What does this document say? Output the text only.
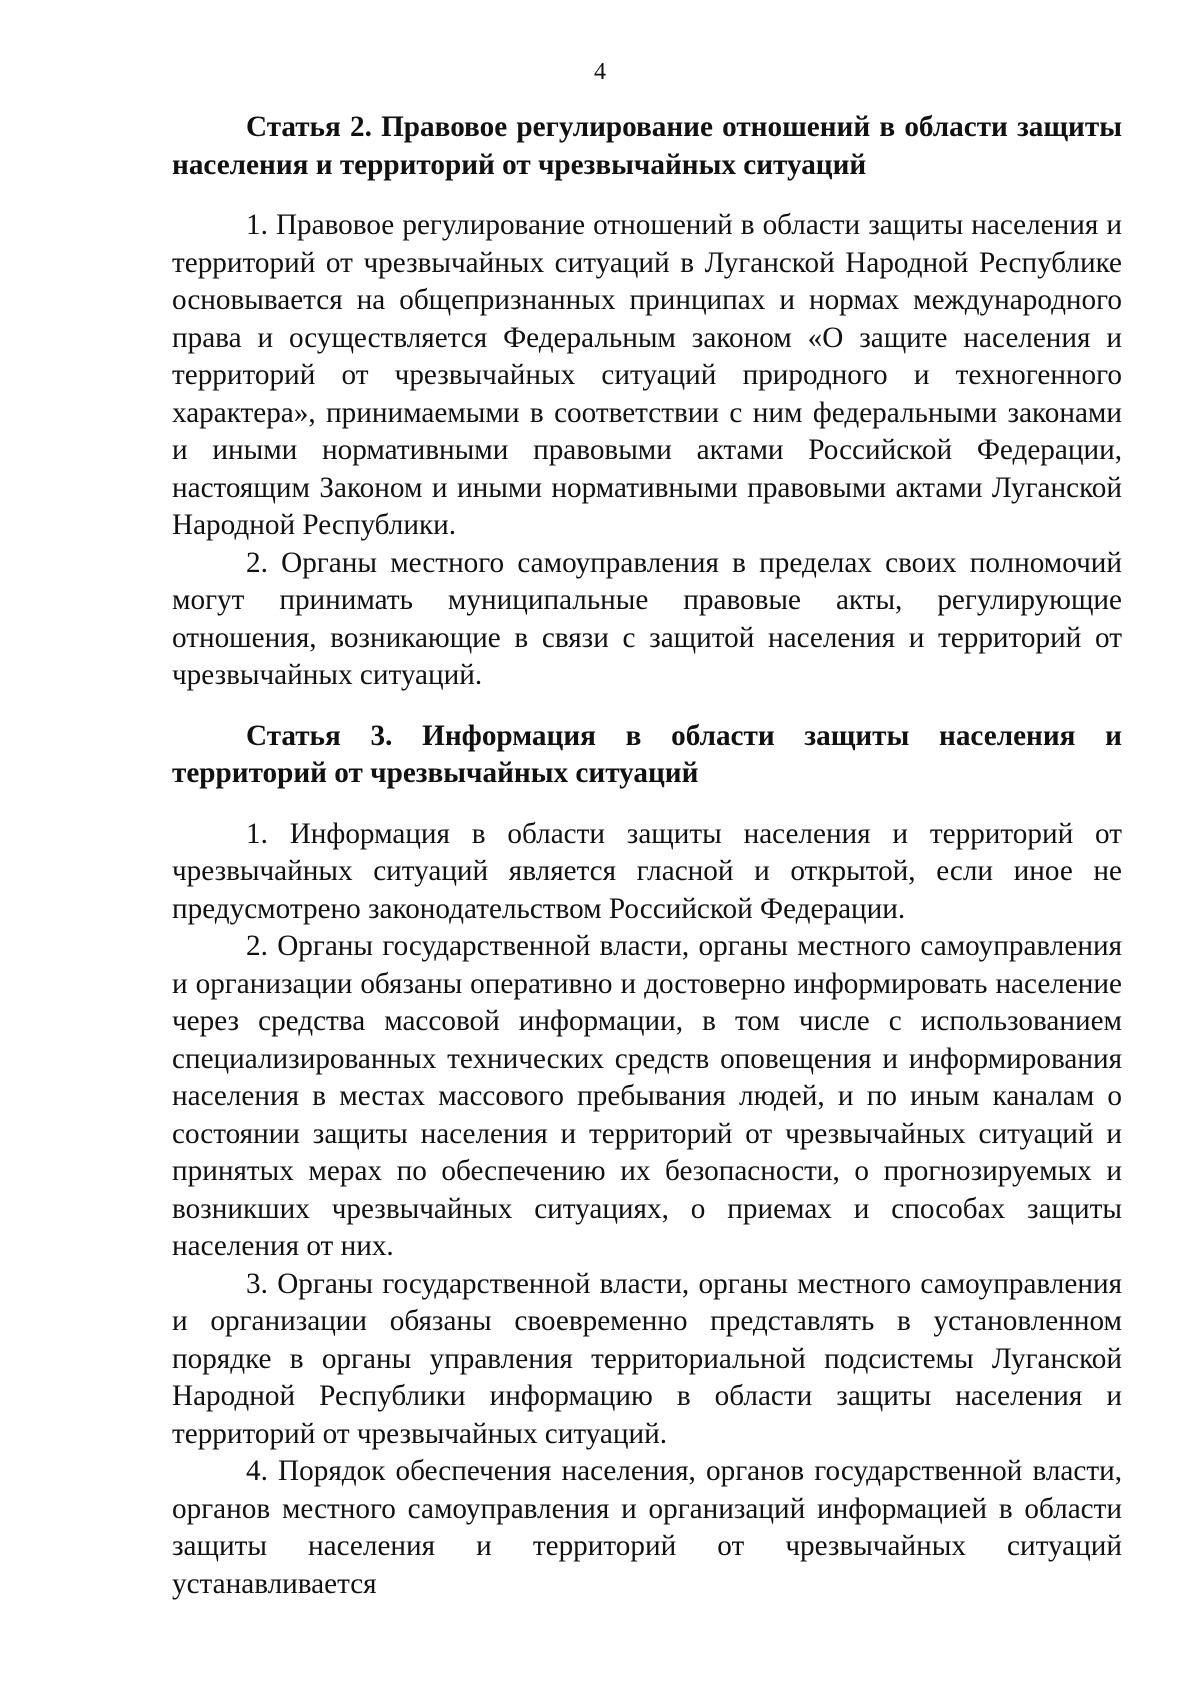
4

Статья 2. Правовое регулирование отношений в области защиты населения и территорий от чрезвычайных ситуаций

1. Правовое регулирование отношений в области защиты населения и территорий от чрезвычайных ситуаций в Луганской Народной Республике основывается на общепризнанных принципах и нормах международного права и осуществляется Федеральным законом «О защите населения и территорий от чрезвычайных ситуаций природного и техногенного характера», принимаемыми в соответствии с ним федеральными законами и иными нормативными правовыми актами Российской Федерации, настоящим Законом и иными нормативными правовыми актами Луганской Народной Республики.

2. Органы местного самоуправления в пределах своих полномочий могут принимать муниципальные правовые акты, регулирующие отношения, возникающие в связи с защитой населения и территорий от чрезвычайных ситуаций.

Статья 3. Информация в области защиты населения и территорий от чрезвычайных ситуаций

1. Информация в области защиты населения и территорий от чрезвычайных ситуаций является гласной и открытой, если иное не предусмотрено законодательством Российской Федерации.

2. Органы государственной власти, органы местного самоуправления и организации обязаны оперативно и достоверно информировать население через средства массовой информации, в том числе с использованием специализированных технических средств оповещения и информирования населения в местах массового пребывания людей, и по иным каналам о состоянии защиты населения и территорий от чрезвычайных ситуаций и принятых мерах по обеспечению их безопасности, о прогнозируемых и возникших чрезвычайных ситуациях, о приемах и способах защиты населения от них.

3. Органы государственной власти, органы местного самоуправления и организации обязаны своевременно представлять в установленном порядке в органы управления территориальной подсистемы Луганской Народной Республики информацию в области защиты населения и территорий от чрезвычайных ситуаций.

4. Порядок обеспечения населения, органов государственной власти, органов местного самоуправления и организаций информацией в области защиты населения и территорий от чрезвычайных ситуаций устанавливается
